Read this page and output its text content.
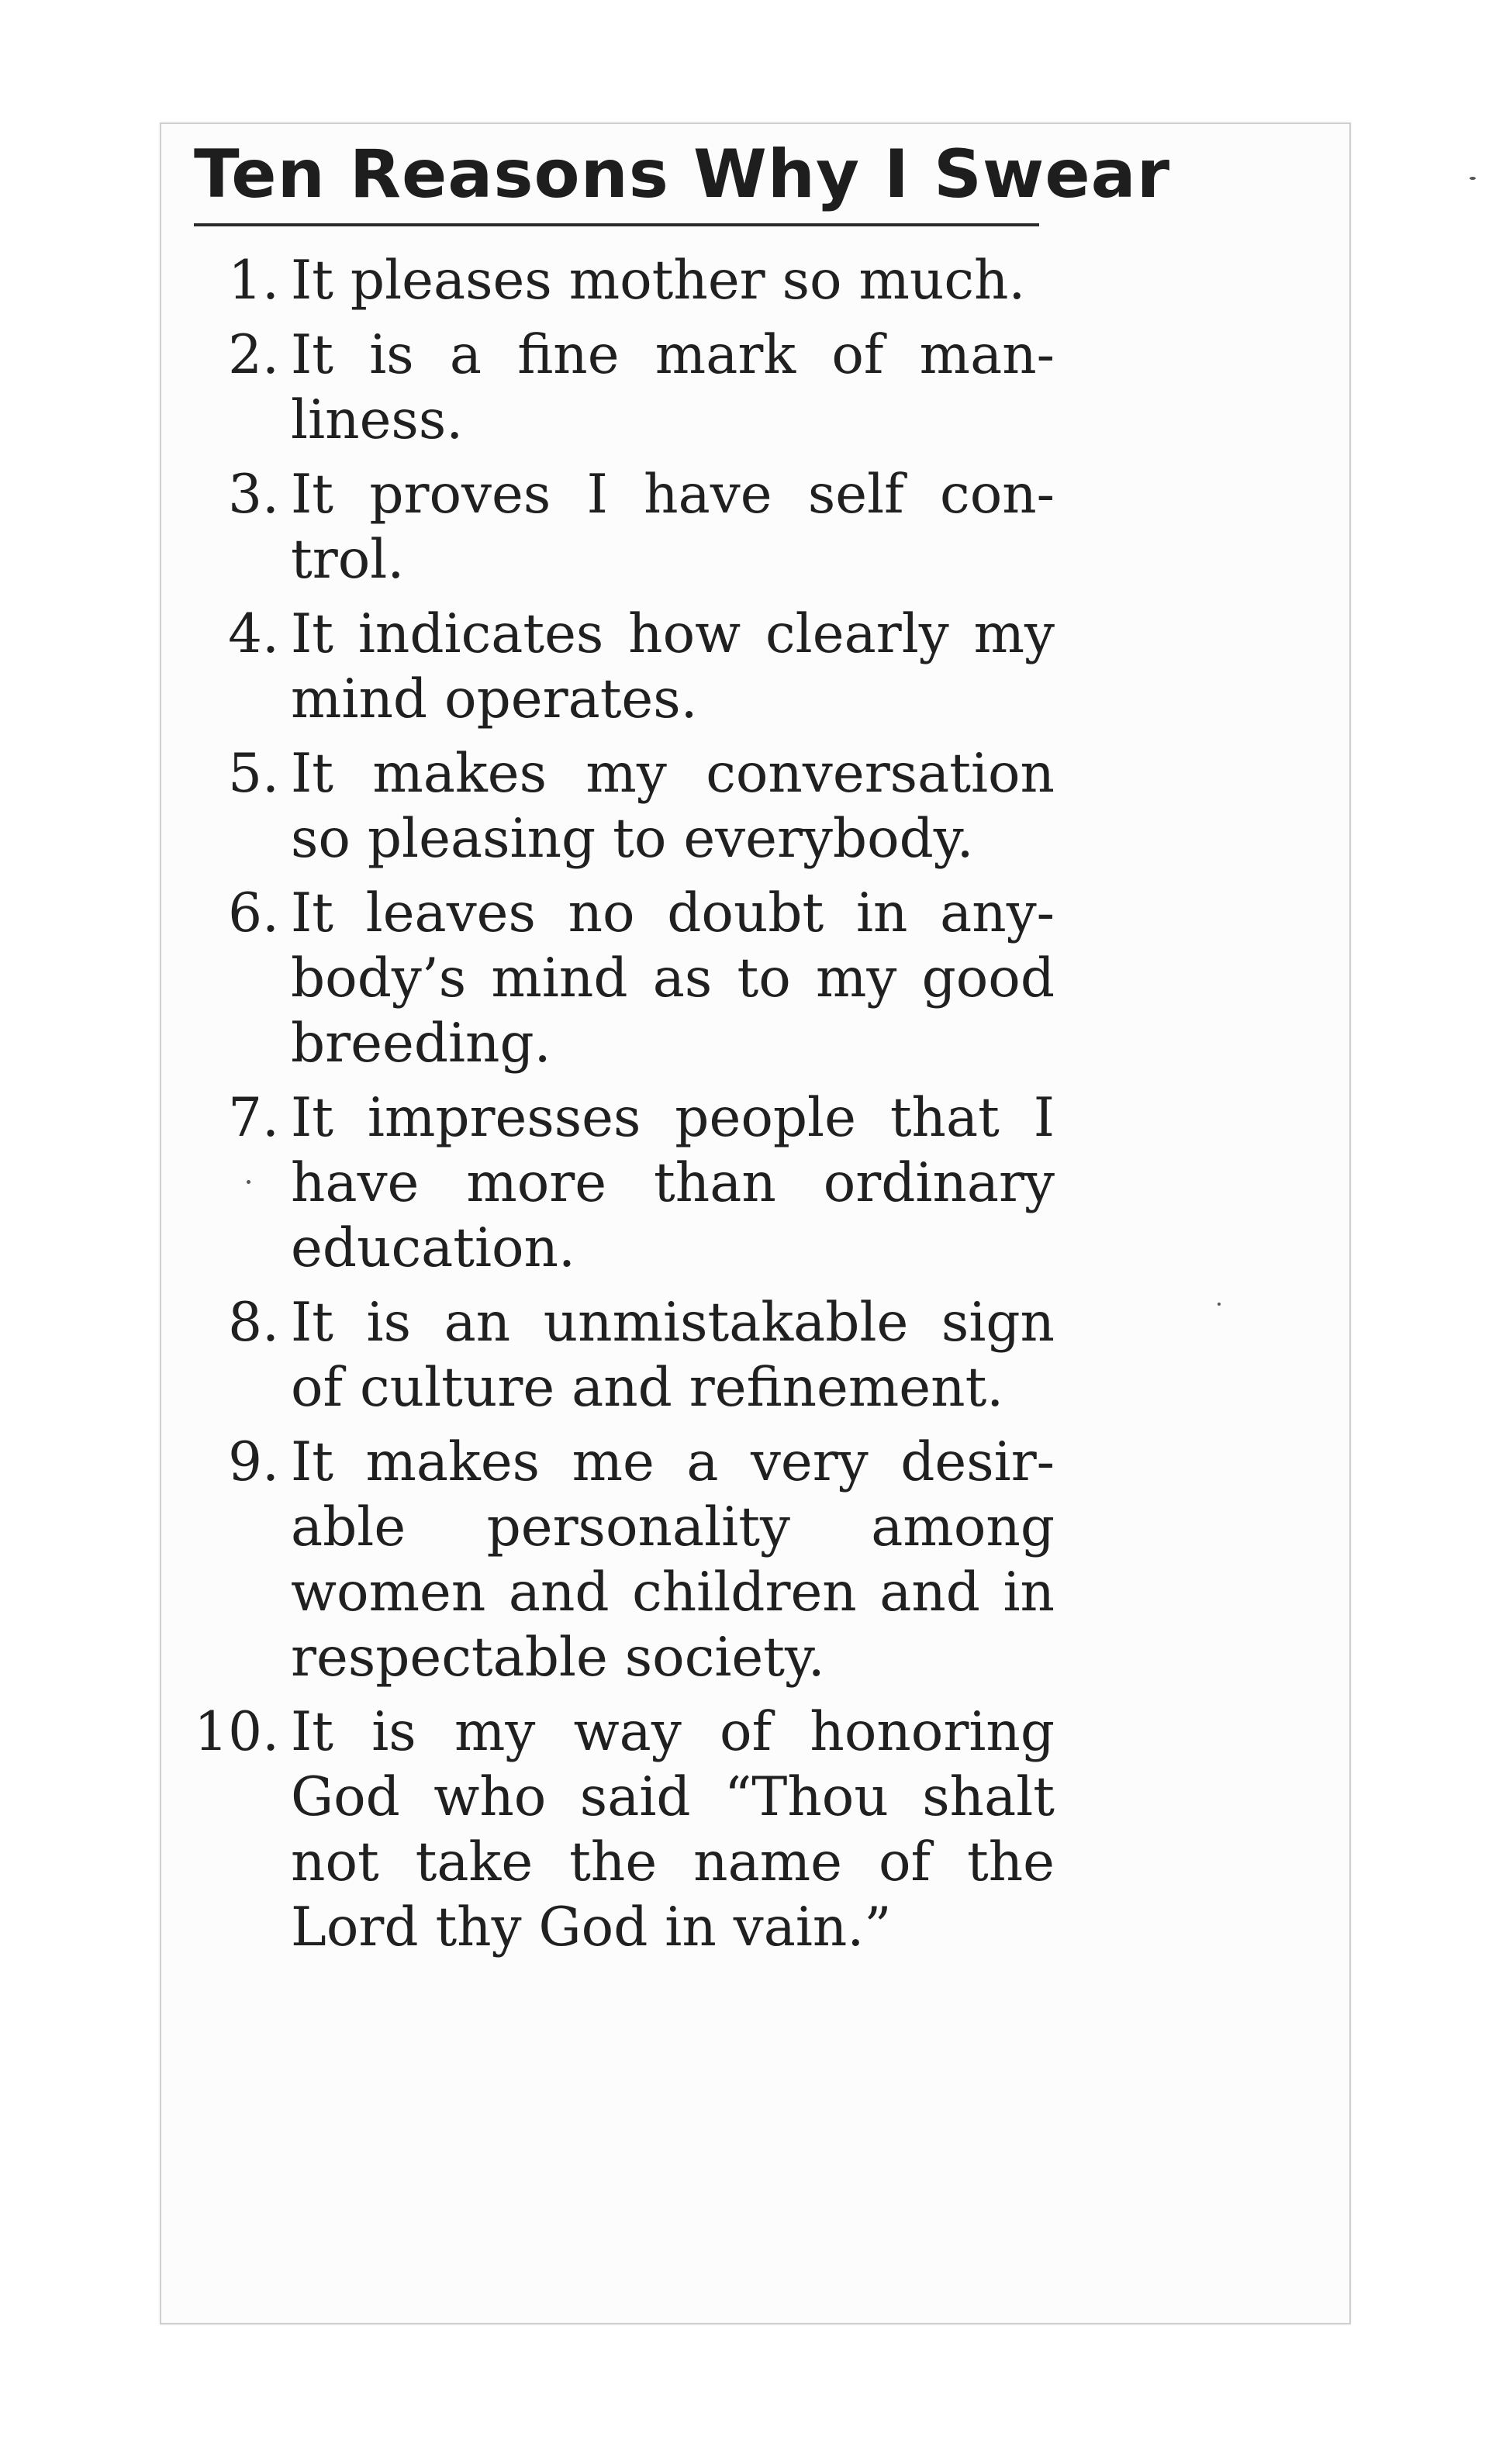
Ten Reasons Why I Swear
1. It pleases mother so much.
2. It is a fine mark of man-liness.
3. It proves I have self con-trol.
4. It indicates how clearly my mind operates.
5. It makes my conversation so pleasing to everybody.
6. It leaves no doubt in any-body’s mind as to my good breeding.
7. It impresses people that I have more than ordinary education.
8. It is an unmistakable sign of culture and refinement.
9. It makes me a very desir-able personality among women and children and in respectable society.
10. It is my way of honoring God who said “Thou shalt not take the name of the Lord thy God in vain.”
